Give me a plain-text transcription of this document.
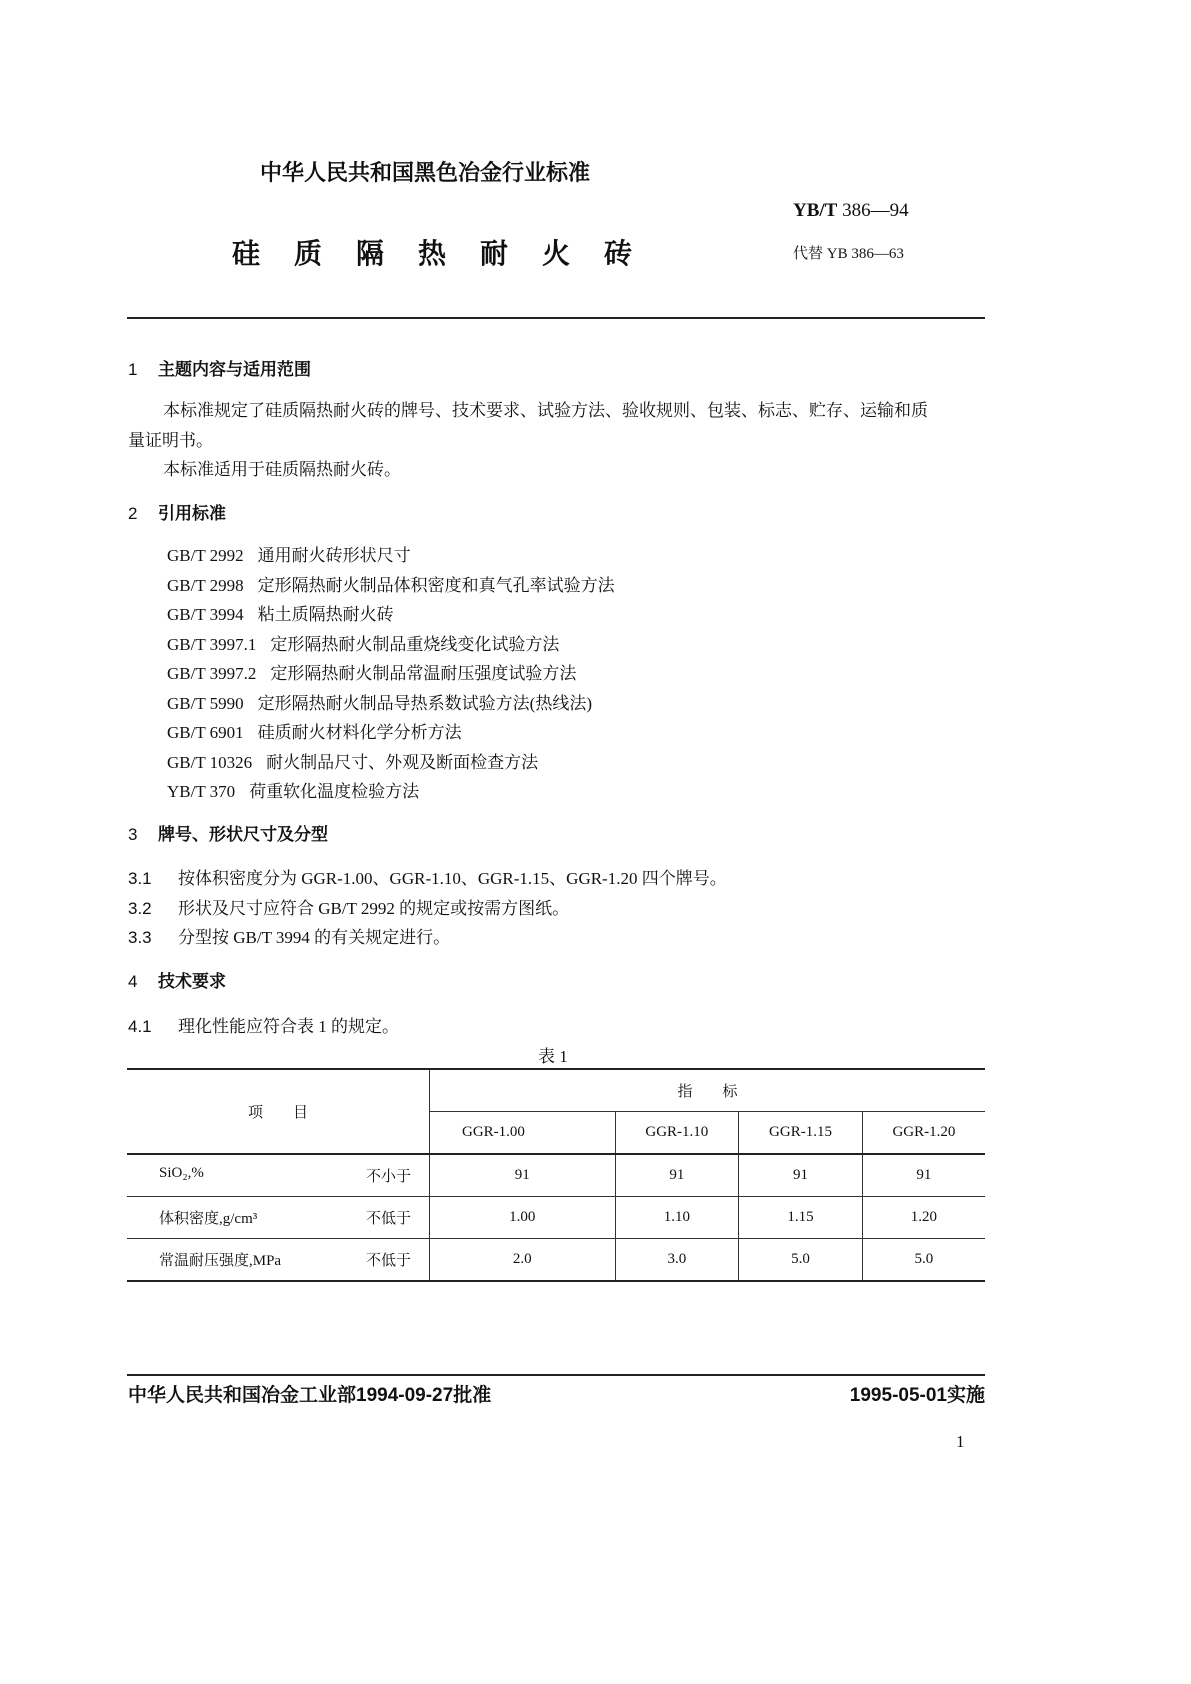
中华人民共和国黑色冶金行业标准
YB/T 386—94
硅质隔热耐火砖	代替 YB 386—63
1 主题内容与适用范围
本标准规定了硅质隔热耐火砖的牌号、技术要求、试验方法、验收规则、包装、标志、贮存、运输和质
量证明书。
本标准适用于硅质隔热耐火砖。
2 引用标准
GB/T 2992 通用耐火砖形状尺寸
GB/T 2998 定形隔热耐火制品体积密度和真气孔率试验方法
GB/T 3994 粘土质隔热耐火砖
GB/T 3997.1 定形隔热耐火制品重烧线变化试验方法
GB/T 3997.2 定形隔热耐火制品常温耐压强度试验方法
GB/T 5990 定形隔热耐火制品导热系数试验方法(热线法)
GB/T 6901 硅质耐火材料化学分析方法
GB/T 10326 耐火制品尺寸、外观及断面检查方法
YB/T 370 荷重软化温度检验方法
3 牌号、形状尺寸及分型
3.1 按体积密度分为 GGR-1.00、GGR-1.10、GGR-1.15、GGR-1.20 四个牌号。
3.2 形状及尺寸应符合 GB/T 2992 的规定或按需方图纸。
3.3 分型按 GB/T 3994 的有关规定进行。
4 技术要求
4.1 理化性能应符合表 1 的规定。
表 1
项　　目	指　　标			
	GGR-1.00	GGR-1.10	GGR-1.15	GGR-1.20
SiO₂,% 不小于	91	91	91	91
体积密度,g/cm³ 不低于	1.00	1.10	1.15	1.20
常温耐压强度,MPa 不低于	2.0	3.0	5.0	5.0
中华人民共和国冶金工业部1994-09-27批准	1995-05-01实施
1
